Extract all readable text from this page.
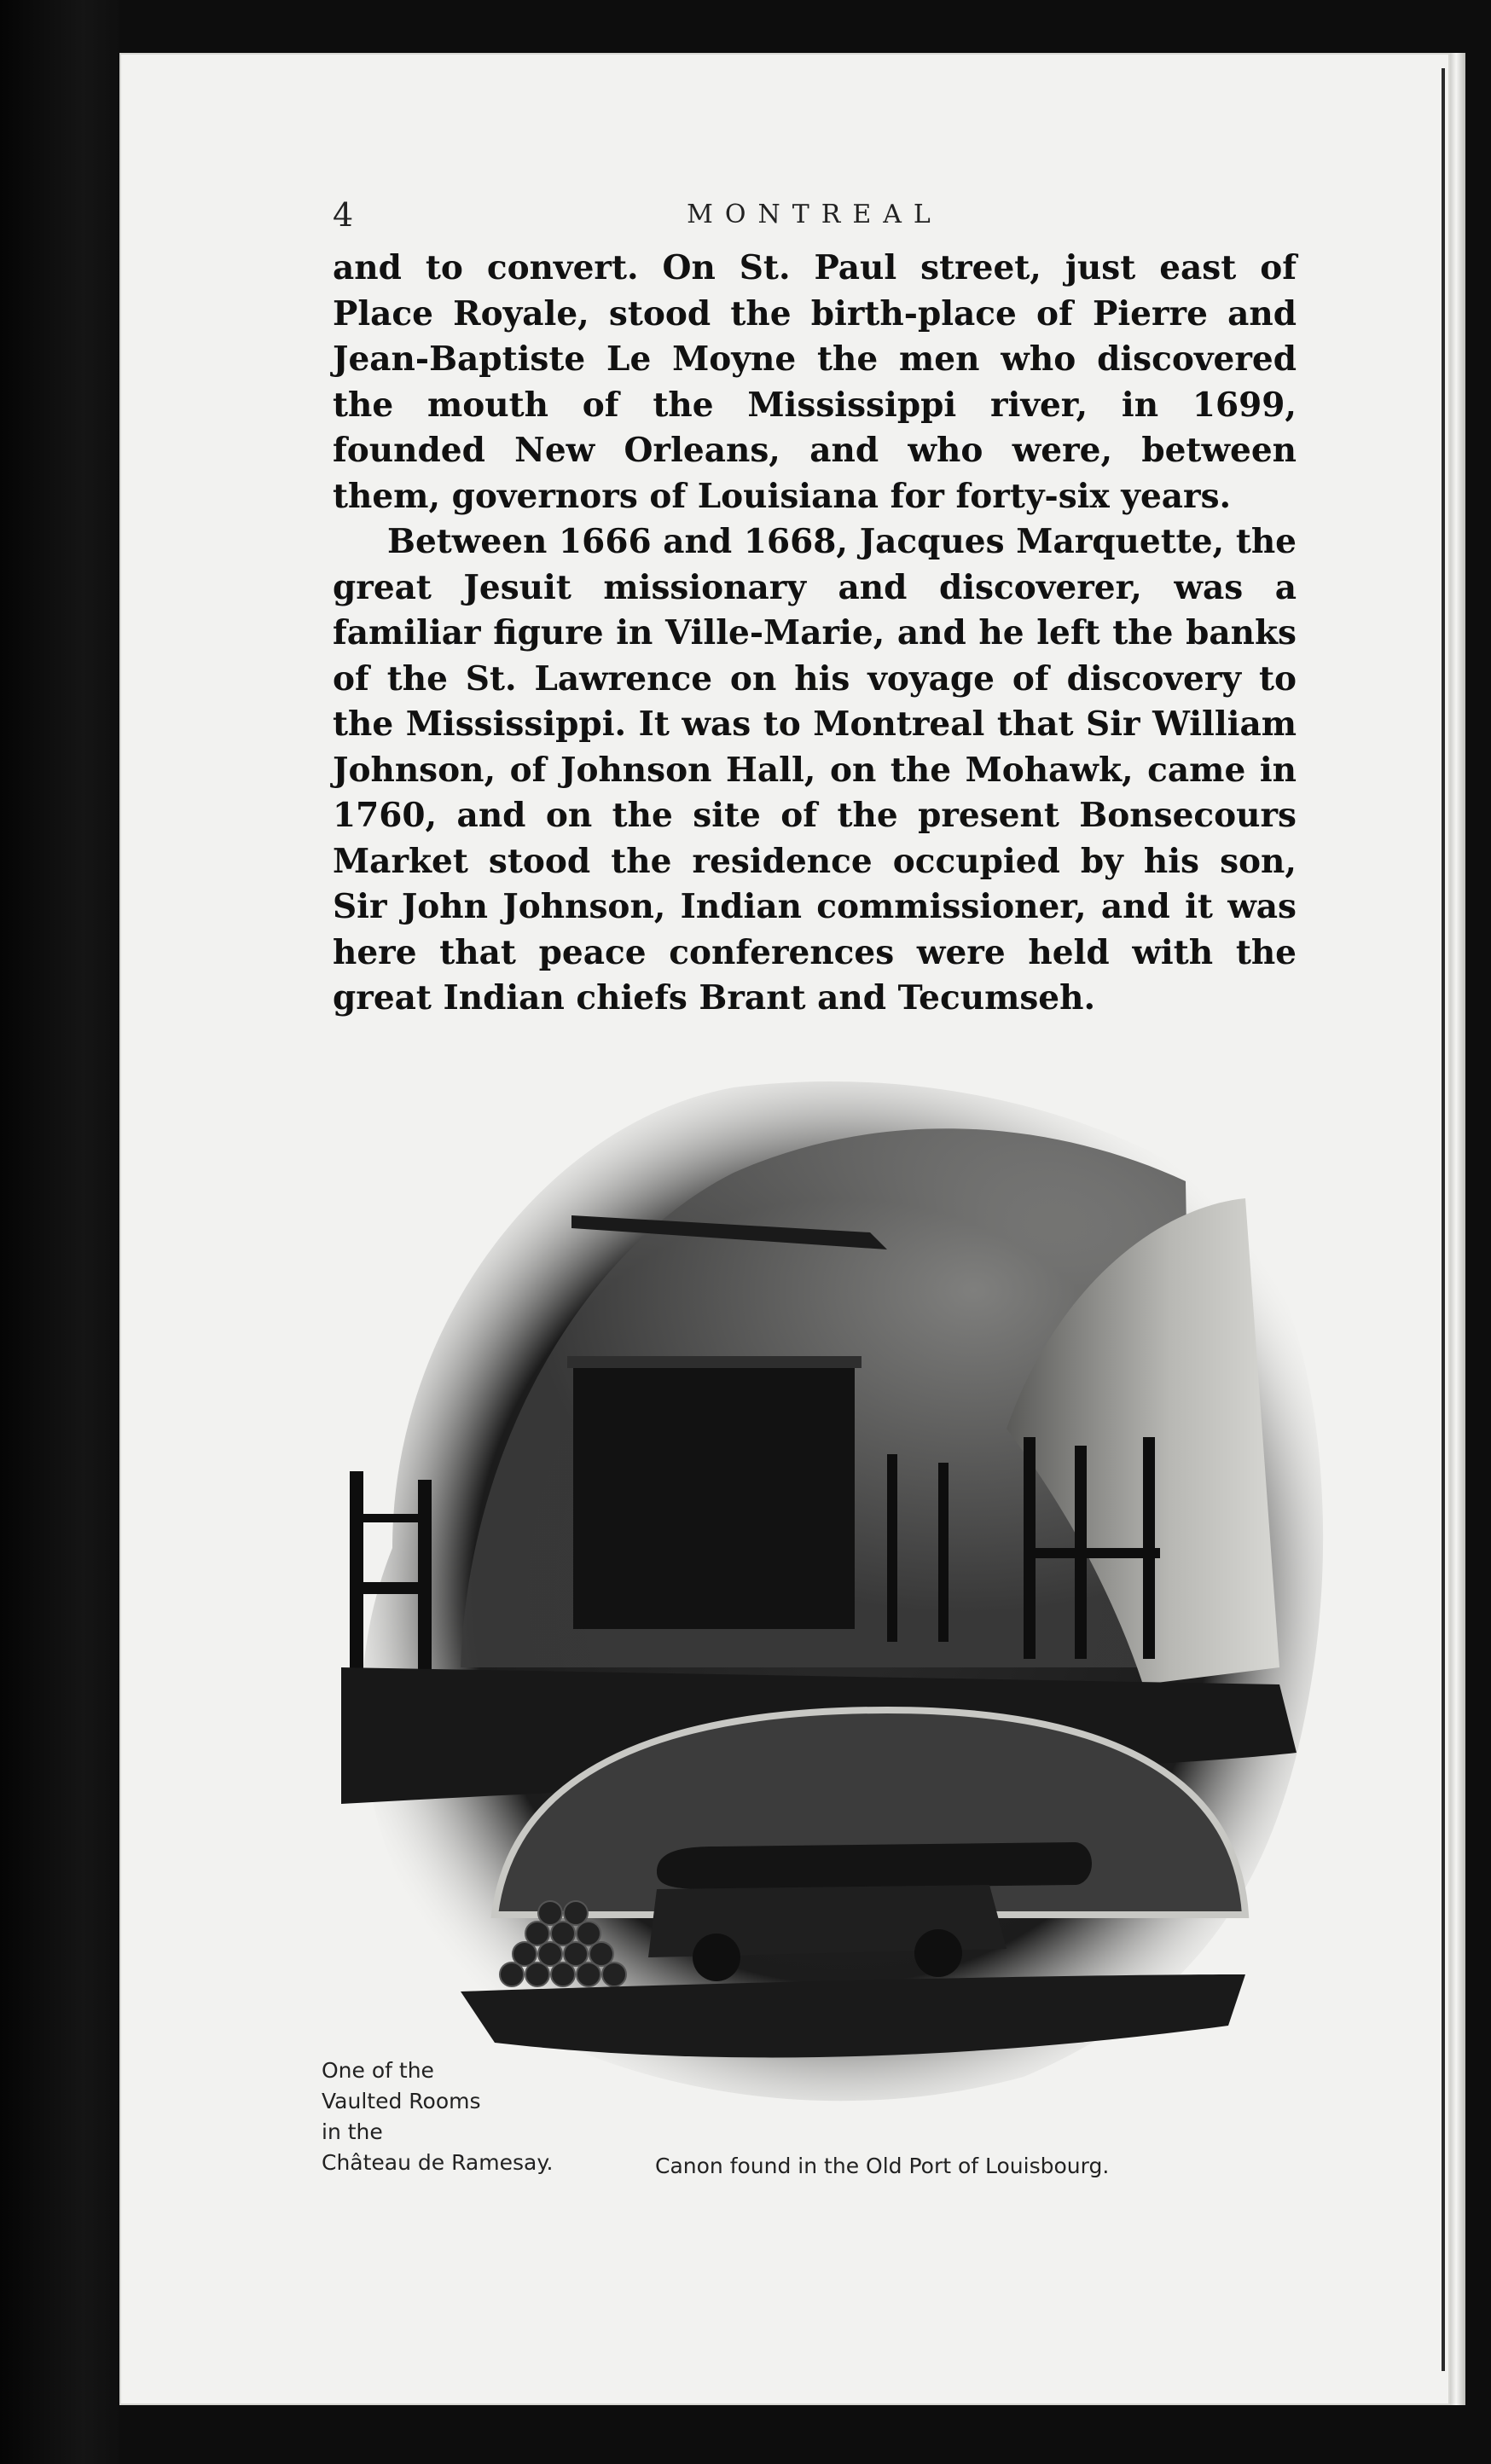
4	MONTREAL

and to convert. On St. Paul street, just east of Place Royale, stood the birth-place of Pierre and Jean-Baptiste Le Moyne the men who discovered the mouth of the Mississippi river, in 1699, founded New Orleans, and who were, between them, governors of Louisiana for forty-six years.

Between 1666 and 1668, Jacques Marquette, the great Jesuit missionary and discoverer, was a familiar figure in Ville-Marie, and he left the banks of the St. Lawrence on his voyage of discovery to the Mississippi. It was to Montreal that Sir William Johnson, of Johnson Hall, on the Mohawk, came in 1760, and on the site of the present Bonsecours Market stood the residence occupied by his son, Sir John Johnson, Indian commissioner, and it was here that peace conferences were held with the great Indian chiefs Brant and Tecumseh.

One of the
Vaulted Rooms
in the
Château de Ramesay.	Canon found in the Old Port of Louisbourg.
